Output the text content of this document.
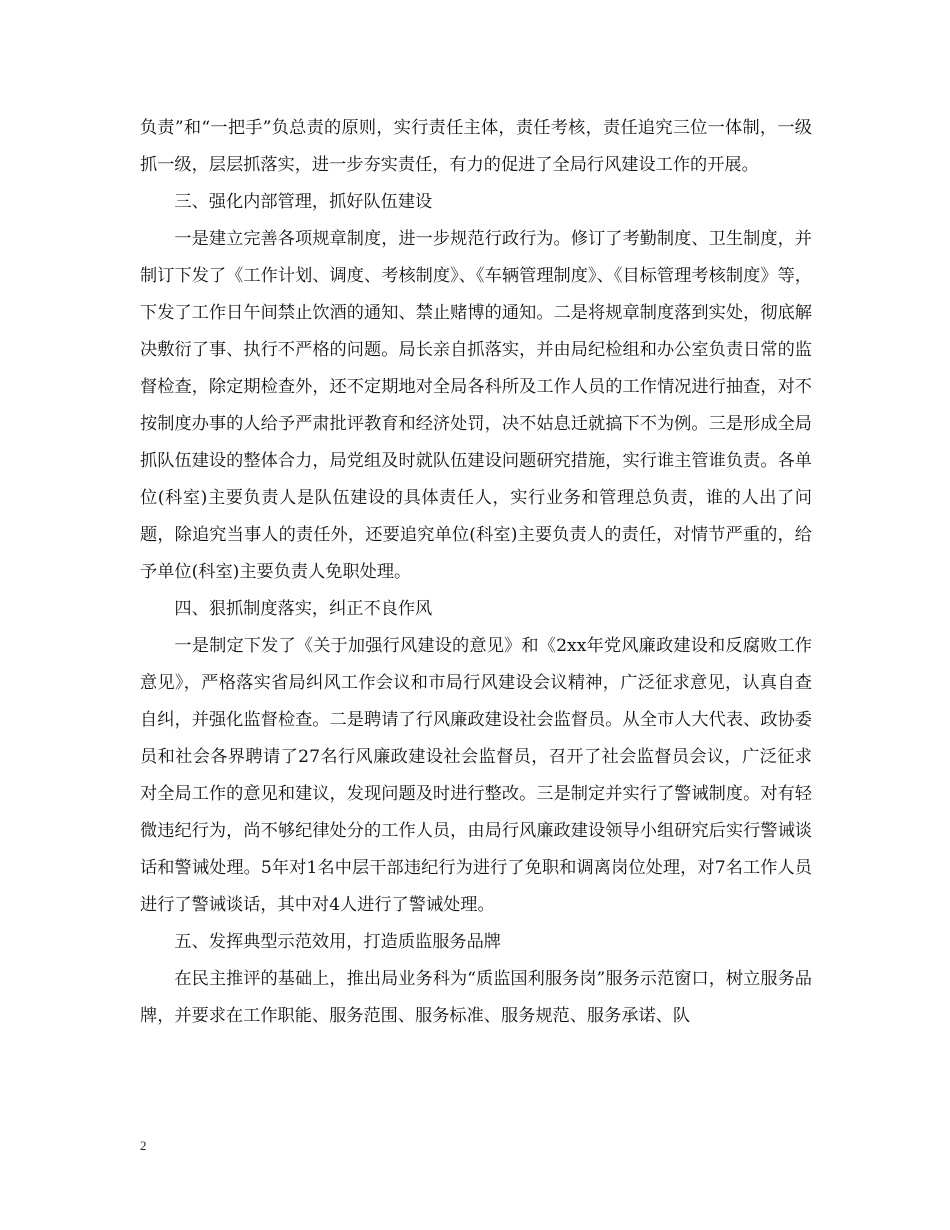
负责”和“一把手”负总责的原则，实行责任主体，责任考核，责任追究三位一体制，一级抓一级，层层抓落实，进一步夯实责任，有力的促进了全局行风建设工作的开展。

三、强化内部管理，抓好队伍建设

一是建立完善各项规章制度，进一步规范行政行为。修订了考勤制度、卫生制度，并制订下发了《工作计划、调度、考核制度》、《车辆管理制度》、《目标管理考核制度》等，下发了工作日午间禁止饮酒的通知、禁止赌博的通知。二是将规章制度落到实处，彻底解决敷衍了事、执行不严格的问题。局长亲自抓落实，并由局纪检组和办公室负责日常的监督检查，除定期检查外，还不定期地对全局各科所及工作人员的工作情况进行抽查，对不按制度办事的人给予严肃批评教育和经济处罚，决不姑息迁就搞下不为例。三是形成全局抓队伍建设的整体合力，局党组及时就队伍建设问题研究措施，实行谁主管谁负责。各单位(科室)主要负责人是队伍建设的具体责任人，实行业务和管理总负责，谁的人出了问题，除追究当事人的责任外，还要追究单位(科室)主要负责人的责任，对情节严重的，给予单位(科室)主要负责人免职处理。

四、狠抓制度落实，纠正不良作风

一是制定下发了《关于加强行风建设的意见》和《2xx年党风廉政建设和反腐败工作意见》，严格落实省局纠风工作会议和市局行风建设会议精神，广泛征求意见，认真自查自纠，并强化监督检查。二是聘请了行风廉政建设社会监督员。从全市人大代表、政协委员和社会各界聘请了27名行风廉政建设社会监督员，召开了社会监督员会议，广泛征求对全局工作的意见和建议，发现问题及时进行整改。三是制定并实行了警诫制度。对有轻微违纪行为，尚不够纪律处分的工作人员，由局行风廉政建设领导小组研究后实行警诫谈话和警诫处理。5年对1名中层干部违纪行为进行了免职和调离岗位处理，对7名工作人员进行了警诫谈话，其中对4人进行了警诫处理。

五、发挥典型示范效用，打造质监服务品牌

在民主推评的基础上，推出局业务科为“质监国利服务岗”服务示范窗口，树立服务品牌，并要求在工作职能、服务范围、服务标准、服务规范、服务承诺、队

2
